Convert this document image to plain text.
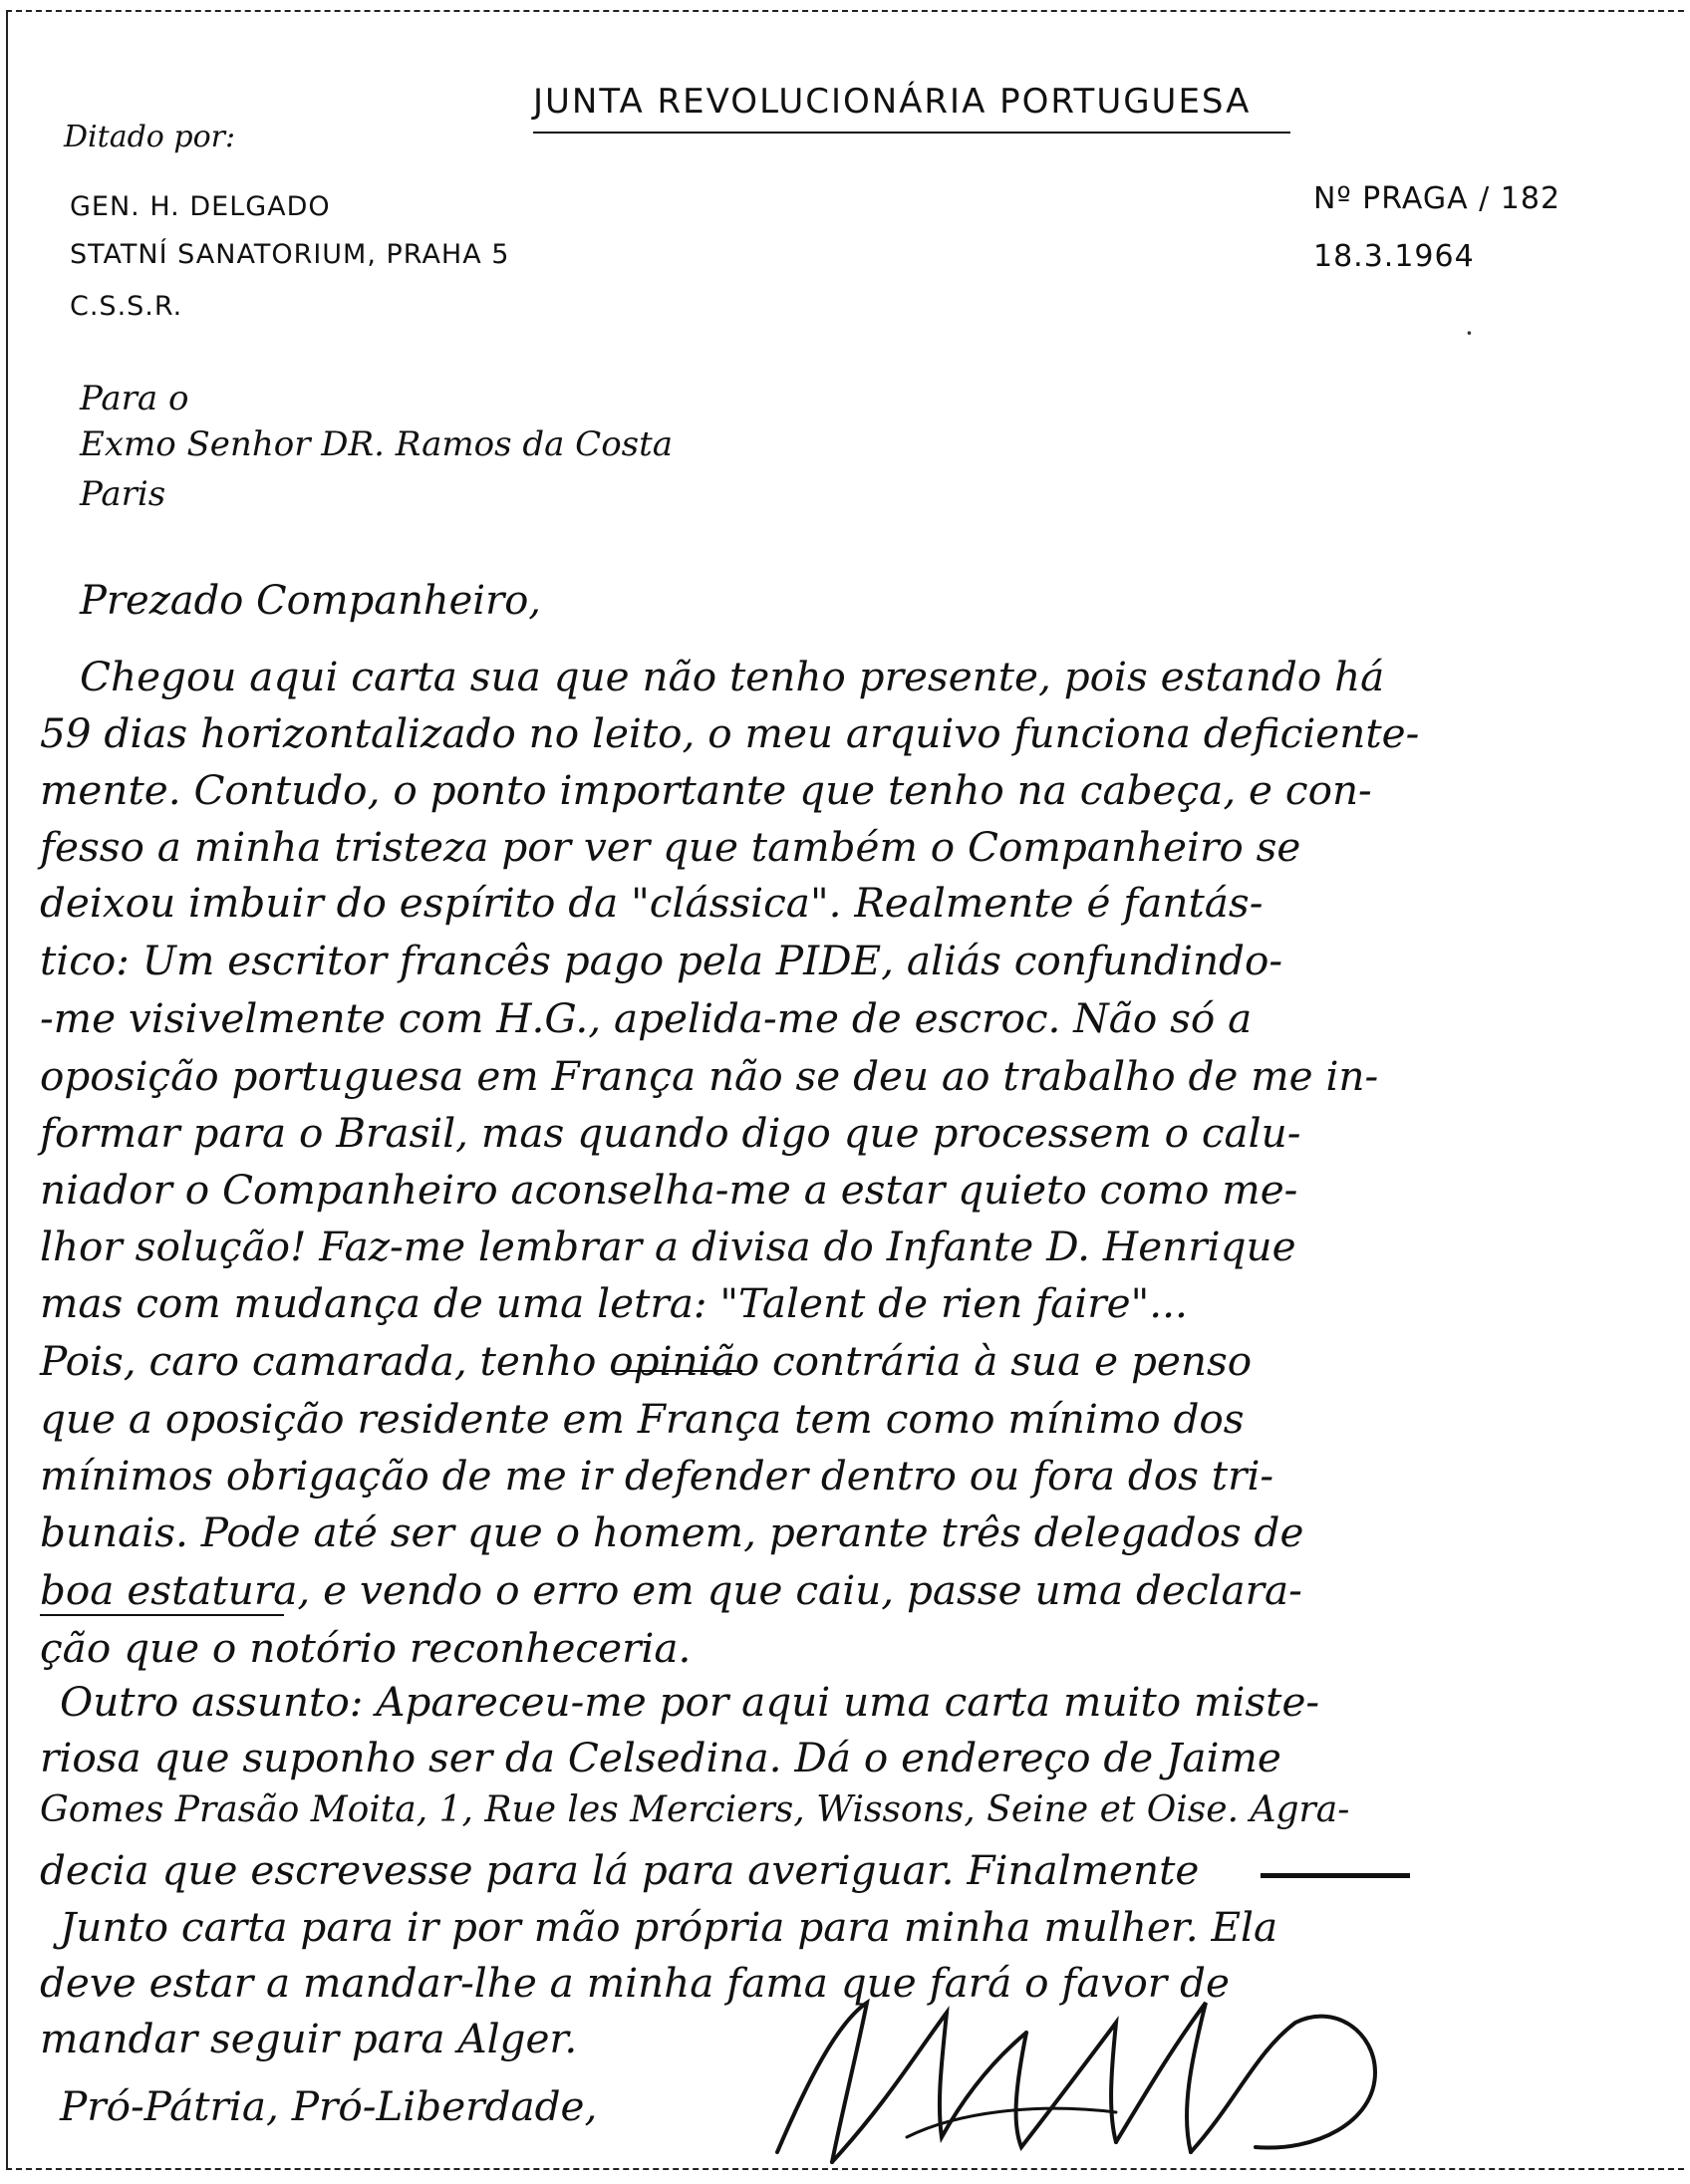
Ditado por:
JUNTA REVOLUCIONÁRIA PORTUGUESA
GEN. H. DELGADO
STATNÍ SANATORIUM, PRAHA 5
C.S.S.R.
Nº PRAGA / 182
18.3.1964
Para o
Exmo Senhor DR. Ramos da Costa
Paris
Prezado Companheiro,
Chegou aqui carta sua que não tenho presente, pois estando há
59 dias horizontalizado no leito, o meu arquivo funciona deficiente-
mente. Contudo, o ponto importante que tenho na cabeça, e con-
fesso a minha tristeza por ver que também o Companheiro se
deixou imbuir do espírito da "clássica". Realmente é fantás-
tico: Um escritor francês pago pela PIDE, aliás confundindo-
-me visivelmente com H.G., apelida-me de escroc. Não só a
oposição portuguesa em França não se deu ao trabalho de me in-
formar para o Brasil, mas quando digo que processem o calu-
niador o Companheiro aconselha-me a estar quieto como me-
lhor solução! Faz-me lembrar a divisa do Infante D. Henrique
mas com mudança de uma letra: "Talent de rien faire"...
Pois, caro camarada, tenho opinião contrária à sua e penso
que a oposição residente em França tem como mínimo dos
mínimos obrigação de me ir defender dentro ou fora dos tri-
bunais. Pode até ser que o homem, perante três delegados de
boa estatura, e vendo o erro em que caiu, passe uma declara-
ção que o notório reconheceria.
Outro assunto: Apareceu-me por aqui uma carta muito miste-
riosa que suponho ser da Celsedina. Dá o endereço de Jaime
Gomes Prasão Moita, 1, Rue les Merciers, Wissons, Seine et Oise. Agra-
decia que escrevesse para lá para averiguar. Finalmente
Junto carta para ir por mão própria para minha mulher. Ela
deve estar a mandar-lhe a minha fama que fará o favor de
mandar seguir para Alger.
Pró-Pátria, Pró-Liberdade,
·
